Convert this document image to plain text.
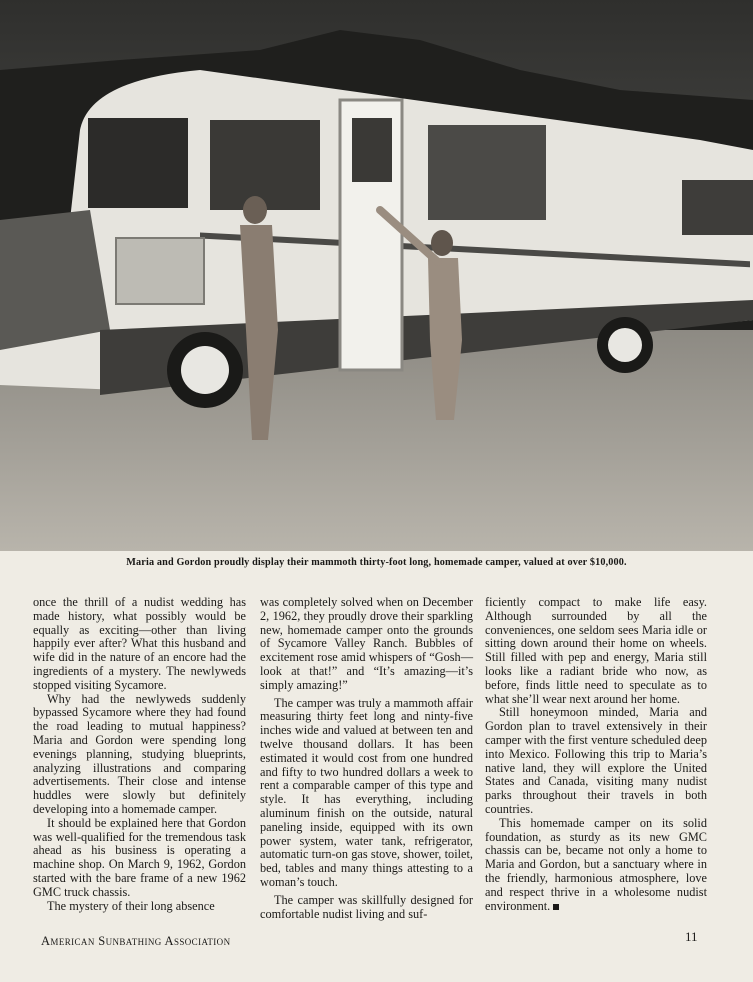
Maria and Gordon proudly display their mammoth thirty-foot long, homemade camper, valued at over $10,000.

once the thrill of a nudist wedding has made history, what possibly would be equally as exciting—other than living happily ever after? What this husband and wife did in the nature of an encore had the ingredients of a mystery. The newlyweds stopped visiting Sycamore.

Why had the newlyweds suddenly bypassed Sycamore where they had found the road leading to mutual happiness? Maria and Gordon were spending long evenings planning, studying blueprints, analyzing illustrations and comparing advertisements. Their close and intense huddles were slowly but definitely developing into a homemade camper.

It should be explained here that Gordon was well-qualified for the tremendous task ahead as his business is operating a machine shop. On March 9, 1962, Gordon started with the bare frame of a new 1962 GMC truck chassis.

The mystery of their long absence

was completely solved when on December 2, 1962, they proudly drove their sparkling new, homemade camper onto the grounds of Sycamore Valley Ranch. Bubbles of excitement rose amid whispers of “Gosh—look at that!” and “It’s amazing—it’s simply amazing!”

The camper was truly a mammoth affair measuring thirty feet long and ninty-five inches wide and valued at between ten and twelve thousand dollars. It has been estimated it would cost from one hundred and fifty to two hundred dollars a week to rent a comparable camper of this type and style. It has everything, including aluminum finish on the outside, natural paneling inside, equipped with its own power system, water tank, refrigerator, automatic turn-on gas stove, shower, toilet, bed, tables and many things attesting to a woman’s touch.

The camper was skillfully designed for comfortable nudist living and suf-

ficiently compact to make life easy. Although surrounded by all the conveniences, one seldom sees Maria idle or sitting down around their home on wheels. Still filled with pep and energy, Maria still looks like a radiant bride who now, as before, finds little need to speculate as to what she’ll wear next around her home.

Still honeymoon minded, Maria and Gordon plan to travel extensively in their camper with the first venture scheduled deep into Mexico. Following this trip to Maria’s native land, they will explore the United States and Canada, visiting many nudist parks throughout their travels in both countries.

This homemade camper on its solid foundation, as sturdy as its new GMC chassis can be, became not only a home to Maria and Gordon, but a sanctuary where in the friendly, harmonious atmosphere, love and respect thrive in a wholesome nudist environment.

American Sunbathing Association	11
